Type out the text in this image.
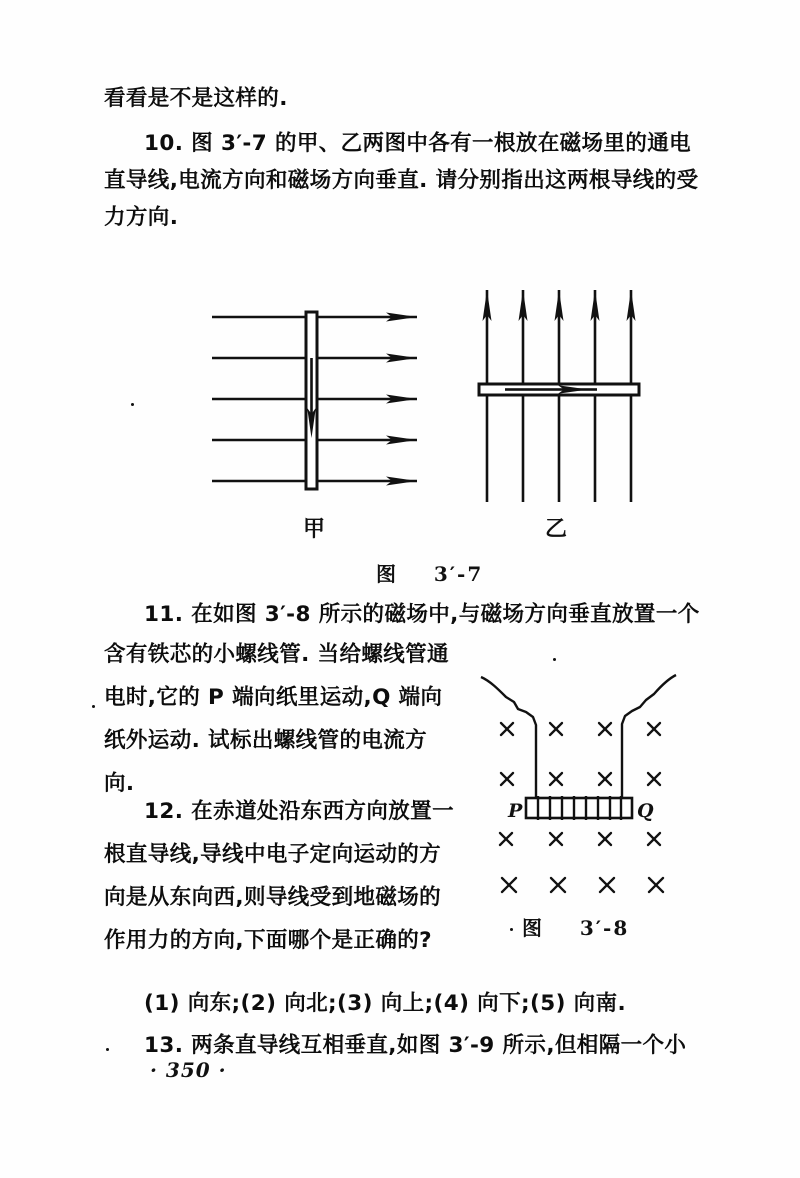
看看是不是这样的.
10. 图 3′-7 的甲、乙两图中各有一根放在磁场里的通电直导线,电流方向和磁场方向垂直. 请分别指出这两根导线的受力方向.
甲	乙
图    3′-7
11. 在如图 3′-8 所示的磁场中,与磁场方向垂直放置一个
含有铁芯的小螺线管. 当给螺线管通电时,它的 P 端向纸里运动,Q 端向纸外运动. 试标出螺线管的电流方向.
P	Q
图    3′-8
12. 在赤道处沿东西方向放置一根直导线,导线中电子定向运动的方向是从东向西,则导线受到地磁场的作用力的方向,下面哪个是正确的?
(1) 向东;(2) 向北;(3) 向上;(4) 向下;(5) 向南.
13. 两条直导线互相垂直,如图 3′-9 所示,但相隔一个小
· 350 ·
